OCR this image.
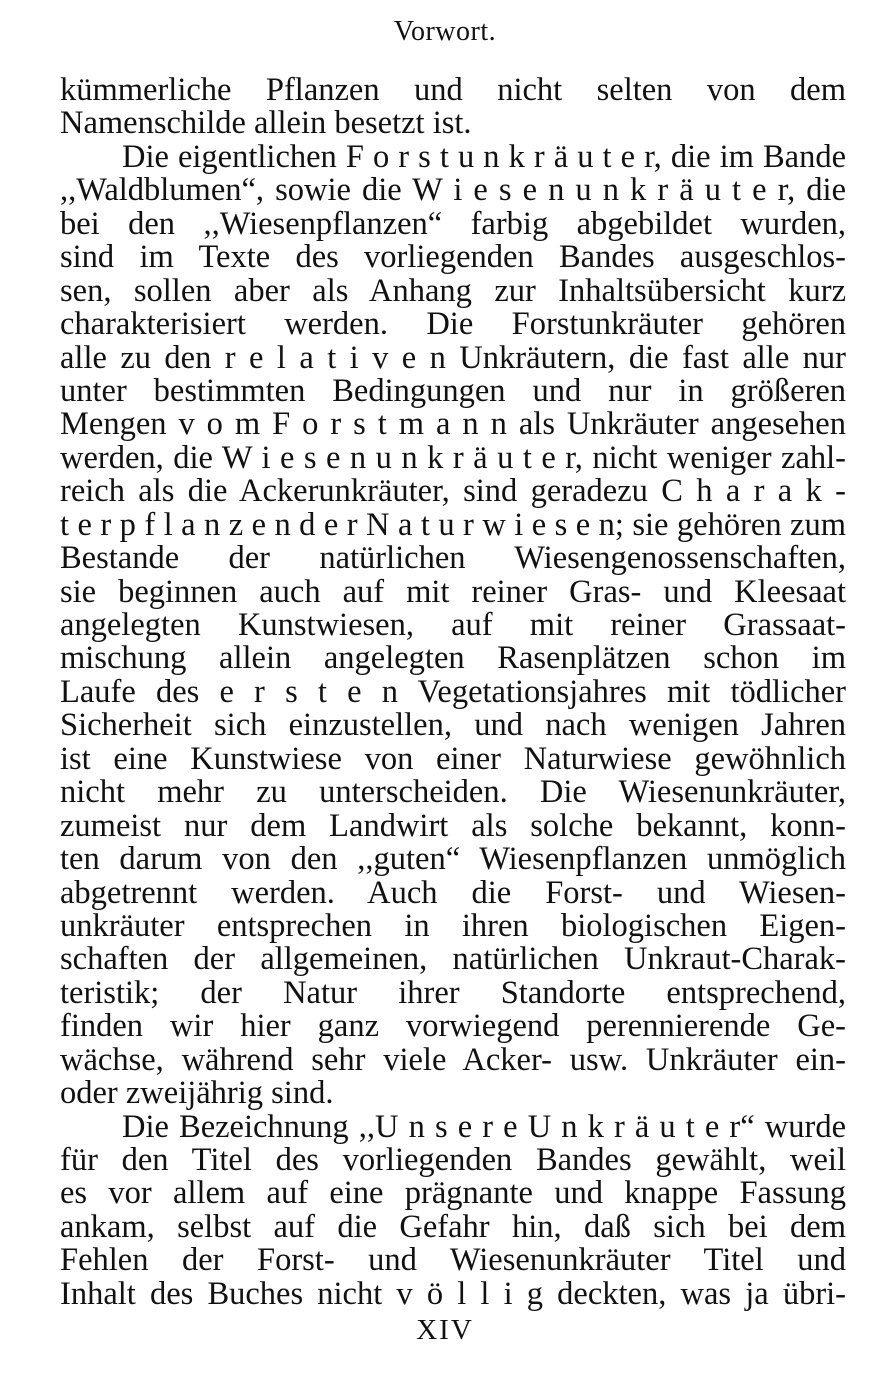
Vorwort.
kümmerliche Pflanzen und nicht selten von dem
Namenschilde allein besetzt ist.
Die eigentlichen F o r s t u n k r ä u t e r, die im Bande
,,Waldblumen“, sowie die W i e s e n u n k r ä u t e r, die
bei den ,,Wiesenpflanzen“ farbig abgebildet wurden,
sind im Texte des vorliegenden Bandes ausgeschlos-
sen, sollen aber als Anhang zur Inhaltsübersicht kurz
charakterisiert werden. Die Forstunkräuter gehören
alle zu den r e l a t i v e n Unkräutern, die fast alle nur
unter bestimmten Bedingungen und nur in größeren
Mengen v o m F o r s t m a n n als Unkräuter angesehen
werden, die W i e s e n u n k r ä u t e r, nicht weniger zahl-
reich als die Ackerunkräuter, sind geradezu C h a r a k -
t e r p f l a n z e n d e r N a t u r w i e s e n; sie gehören zum
Bestande der natürlichen Wiesengenossenschaften,
sie beginnen auch auf mit reiner Gras- und Kleesaat
angelegten Kunstwiesen, auf mit reiner Grassaat-
mischung allein angelegten Rasenplätzen schon im
Laufe des e r s t e n Vegetationsjahres mit tödlicher
Sicherheit sich einzustellen, und nach wenigen Jahren
ist eine Kunstwiese von einer Naturwiese gewöhnlich
nicht mehr zu unterscheiden. Die Wiesenunkräuter,
zumeist nur dem Landwirt als solche bekannt, konn-
ten darum von den ,,guten“ Wiesenpflanzen unmöglich
abgetrennt werden. Auch die Forst- und Wiesen-
unkräuter entsprechen in ihren biologischen Eigen-
schaften der allgemeinen, natürlichen Unkraut-Charak-
teristik; der Natur ihrer Standorte entsprechend,
finden wir hier ganz vorwiegend perennierende Ge-
wächse, während sehr viele Acker- usw. Unkräuter ein-
oder zweijährig sind.
Die Bezeichnung ,,U n s e r e U n k r ä u t e r“ wurde
für den Titel des vorliegenden Bandes gewählt, weil
es vor allem auf eine prägnante und knappe Fassung
ankam, selbst auf die Gefahr hin, daß sich bei dem
Fehlen der Forst- und Wiesenunkräuter Titel und
Inhalt des Buches nicht v ö l l i g deckten, was ja übri-
XIV
